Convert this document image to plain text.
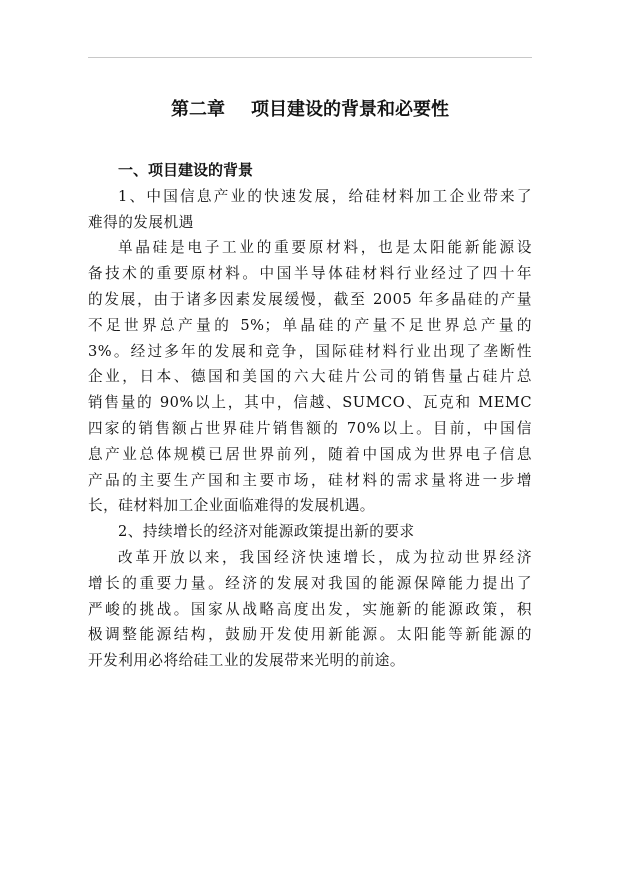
第二章 项目建设的背景和必要性
一、项目建设的背景
1、中国信息产业的快速发展，给硅材料加工企业带来了
难得的发展机遇
单晶硅是电子工业的重要原材料，也是太阳能新能源设
备技术的重要原材料。中国半导体硅材料行业经过了四十年
的发展，由于诸多因素发展缓慢，截至 2005 年多晶硅的产量
不足世界总产量的 5%；单晶硅的产量不足世界总产量的
3%。经过多年的发展和竞争，国际硅材料行业出现了垄断性
企业，日本、德国和美国的六大硅片公司的销售量占硅片总
销售量的 90%以上，其中，信越、SUMCO、瓦克和 MEMC
四家的销售额占世界硅片销售额的 70%以上。目前，中国信
息产业总体规模已居世界前列，随着中国成为世界电子信息
产品的主要生产国和主要市场，硅材料的需求量将进一步增
长，硅材料加工企业面临难得的发展机遇。
2、持续增长的经济对能源政策提出新的要求
改革开放以来，我国经济快速增长，成为拉动世界经济
增长的重要力量。经济的发展对我国的能源保障能力提出了
严峻的挑战。国家从战略高度出发，实施新的能源政策，积
极调整能源结构，鼓励开发使用新能源。太阳能等新能源的
开发利用必将给硅工业的发展带来光明的前途。
